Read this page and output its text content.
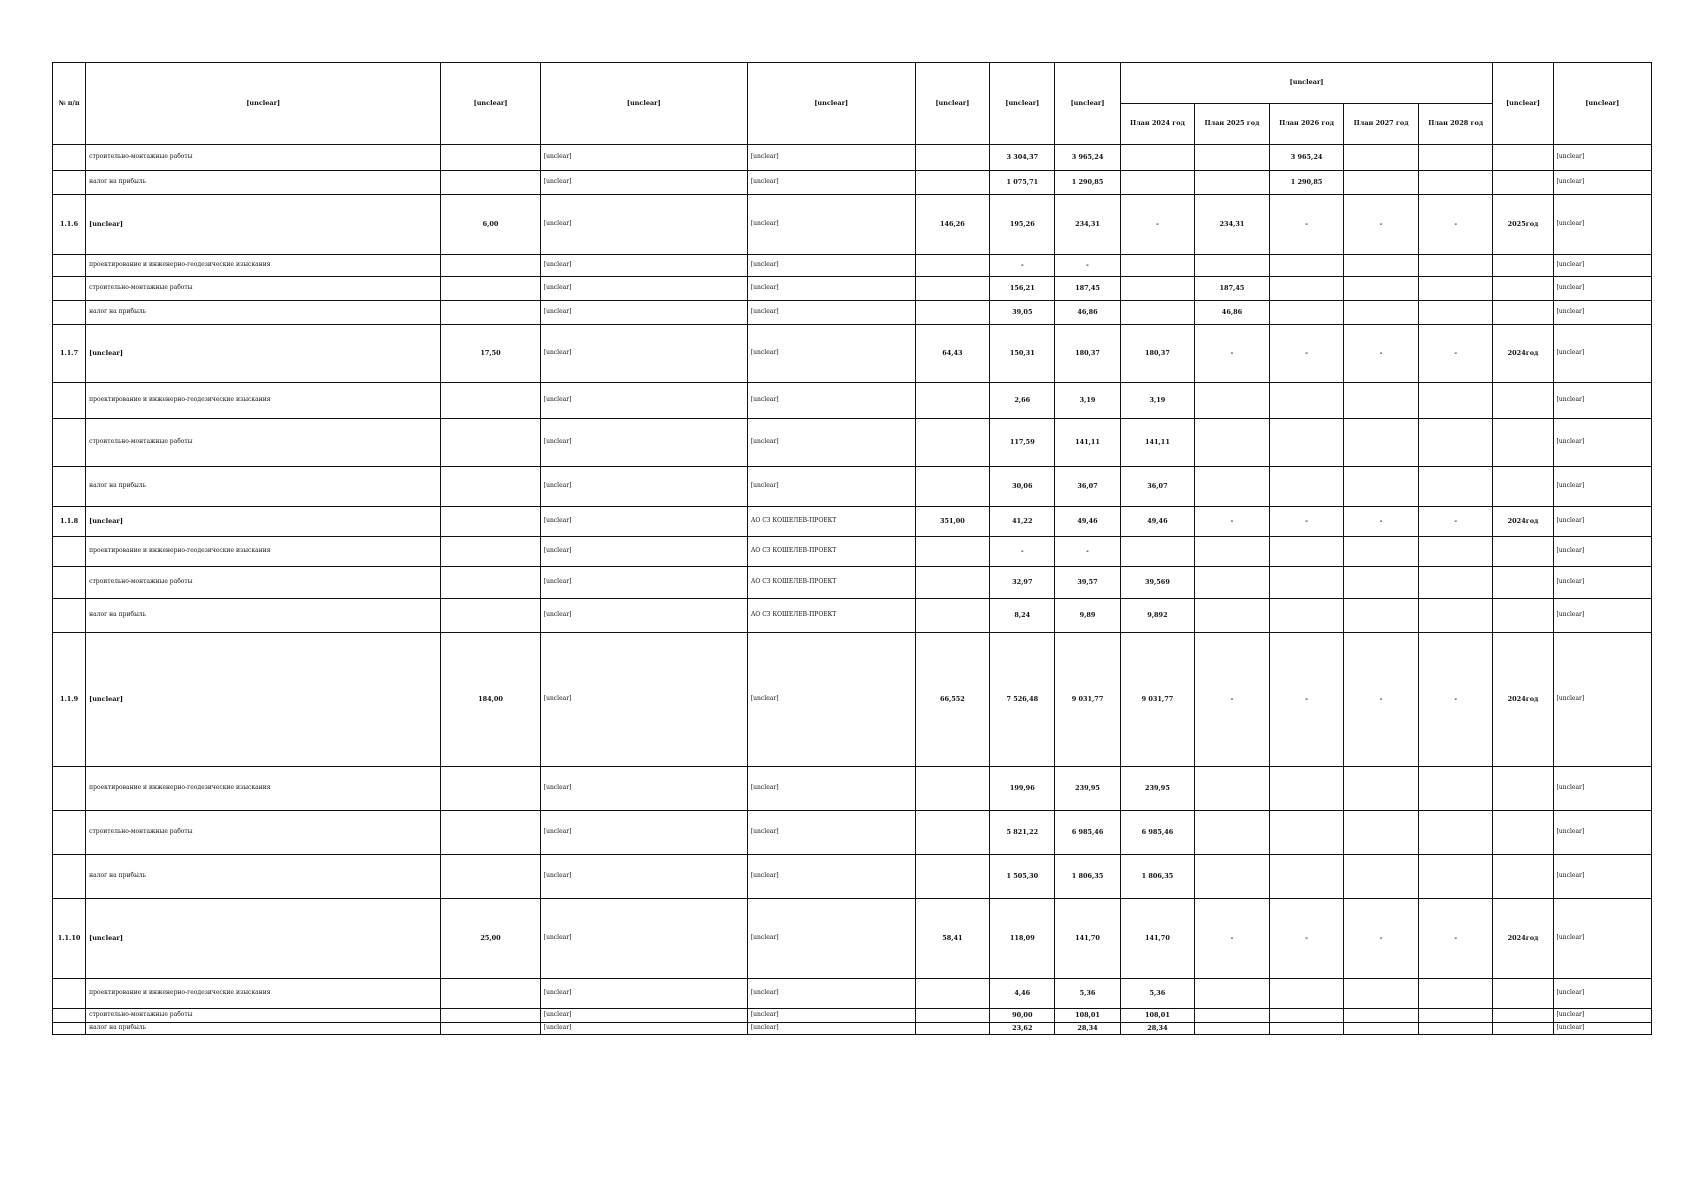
№ п/п	[unclear]	[unclear]	[unclear]	[unclear]	[unclear]	[unclear]	[unclear]	[unclear]					[unclear]	[unclear]
								План 2024 год	План 2025 год	План 2026 год	План 2027 год	План 2028 год		
	строительно-монтажные работы		[unclear]	[unclear]		3 304,37	3 965,24			3 965,24				[unclear]
	налог на прибыль		[unclear]	[unclear]		1 075,71	1 290,85			1 290,85				[unclear]
1.1.6	[unclear]	6,00	[unclear]	[unclear]	146,26	195,26	234,31	-	234,31	-	-	-	2025год	[unclear]
	проектирование и инженерно-геодезические изыскания		[unclear]	[unclear]		-	-							[unclear]
	строительно-монтажные работы		[unclear]	[unclear]		156,21	187,45		187,45					[unclear]
	налог на прибыль		[unclear]	[unclear]		39,05	46,86		46,86					[unclear]
1.1.7	[unclear]	17,50	[unclear]	[unclear]	64,43	150,31	180,37	180,37	-	-	-	-	2024год	[unclear]
	проектирование и инженерно-геодезические изыскания		[unclear]	[unclear]		2,66	3,19	3,19						[unclear]
	строительно-монтажные работы		[unclear]	[unclear]		117,59	141,11	141,11						[unclear]
	налог на прибыль		[unclear]	[unclear]		30,06	36,07	36,07						[unclear]
1.1.8	[unclear]		[unclear]	АО СЗ КОШЕЛЕВ-ПРОЕКТ	351,00	41,22	49,46	49,46	-	-	-	-	2024год	[unclear]
	проектирование и инженерно-геодезические изыскания		[unclear]	АО СЗ КОШЕЛЕВ-ПРОЕКТ		-	-							[unclear]
	строительно-монтажные работы		[unclear]	АО СЗ КОШЕЛЕВ-ПРОЕКТ		32,97	39,57	39,569						[unclear]
	налог на прибыль		[unclear]	АО СЗ КОШЕЛЕВ-ПРОЕКТ		8,24	9,89	9,892						[unclear]
1.1.9	[unclear]	184,00	[unclear]	[unclear]	66,552	7 526,48	9 031,77	9 031,77	-	-	-	-	2024год	[unclear]
	проектирование и инженерно-геодезические изыскания		[unclear]	[unclear]		199,96	239,95	239,95						[unclear]
	строительно-монтажные работы		[unclear]	[unclear]		5 821,22	6 985,46	6 985,46						[unclear]
	налог на прибыль		[unclear]	[unclear]		1 505,30	1 806,35	1 806,35						[unclear]
1.1.10	[unclear]	25,00	[unclear]	[unclear]	58,41	118,09	141,70	141,70	-	-	-	-	2024год	[unclear]
	проектирование и инженерно-геодезические изыскания		[unclear]	[unclear]		4,46	5,36	5,36						[unclear]
	строительно-монтажные работы		[unclear]	[unclear]		90,00	108,01	108,01						[unclear]
	налог на прибыль		[unclear]	[unclear]		23,62	28,34	28,34						[unclear]
